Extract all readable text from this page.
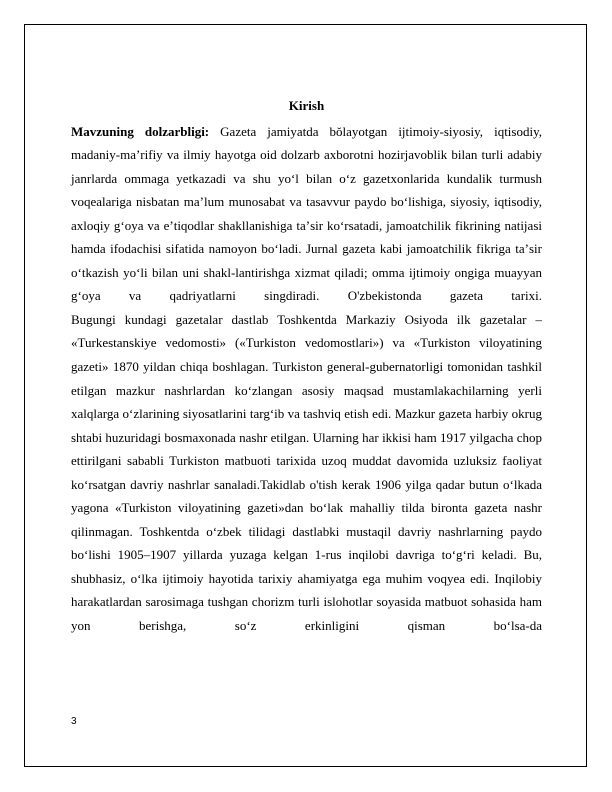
Kirish

Mavzuning dolzarbligi: Gazeta jamiyatda bŏlayotgan ijtimoiy-siyosiy, iqtisodiy, madaniy-maʼrifiy va ilmiy hayotga oid dolzarb axborotni hozirjavoblik bilan turli adabiy janrlarda ommaga yetkazadi va shu yoʻl bilan oʻz gazetxonlarida kundalik turmush voqealariga nisbatan maʼlum munosabat va tasavvur paydo boʻlishiga, siyosiy, iqtisodiy, axloqiy gʻoya va eʼtiqodlar shakllanishiga taʼsir koʻrsatadi, jamoatchilik fikrining natijasi hamda ifodachisi sifatida namoyon boʻladi. Jurnal gazeta kabi jamoatchilik fikriga taʼsir oʻtkazish yoʻli bilan uni shakl-lantirishga xizmat qiladi; omma ijtimoiy ongiga muayyan gʻoya va qadriyatlarni singdiradi. O'zbekistonda gazeta tarixi.

Bugungi kundagi gazetalar dastlab Toshkentda Markaziy Osiyoda ilk gazetalar – «Turkestanskiye vedomosti» («Turkiston vedomostlari») va «Turkiston viloyatining gazeti» 1870 yildan chiqa boshlagan. Turkiston general-gubernatorligi tomonidan tashkil etilgan mazkur nashrlardan ko‘zlangan asosiy maqsad mustamlakachilarning yerli xalqlarga o‘zlarining siyosatlarini targ‘ib va tashviq etish edi. Mazkur gazeta harbiy okrug shtabi huzuridagi bosmaxonada nashr etilgan. Ularning har ikkisi ham 1917 yilgacha chop ettirilgani sababli Turkiston matbuoti tarixida uzoq muddat davomida uzluksiz faoliyat ko‘rsatgan davriy nashrlar sanaladi.Takidlab o'tish kerak 1906 yilga qadar butun o‘lkada yagona «Turkiston viloyatining gazeti»dan bo‘lak mahalliy tilda bironta gazeta nashr qilinmagan. Toshkentda o‘zbek tilidagi dastlabki mustaqil davriy nashrlarning paydo bo‘lishi 1905–1907 yillarda yuzaga kelgan 1-rus inqilobi davriga to‘g‘ri keladi. Bu, shubhasiz, o‘lka ijtimoiy hayotida tarixiy ahamiyatga ega muhim voqyea edi. Inqilobiy harakatlardan sarosimaga tushgan chorizm turli islohotlar soyasida matbuot sohasida ham yon berishga, so‘z erkinligini qisman bo‘lsa-da

3
